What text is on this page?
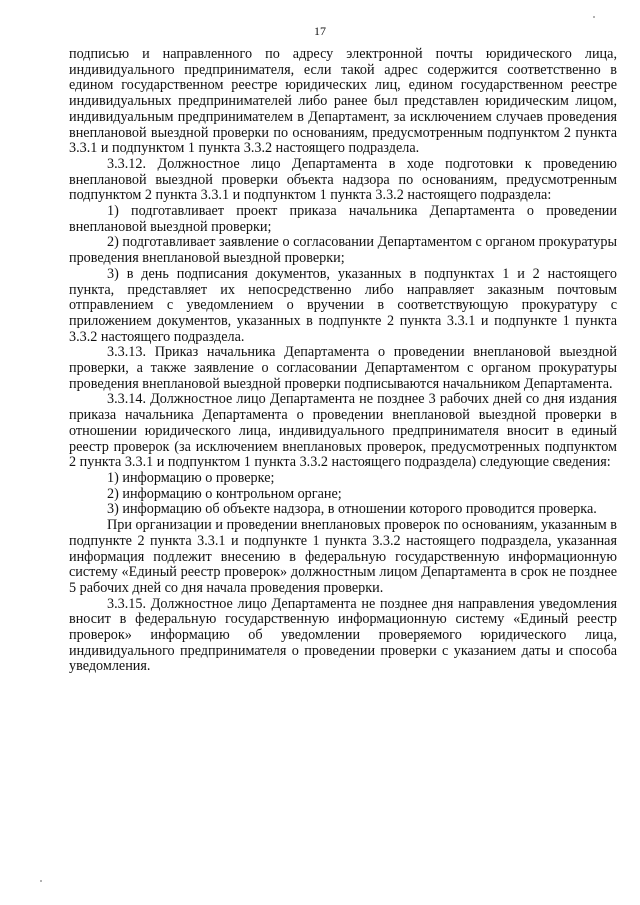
17

подписью и направленного по адресу электронной почты юридического лица, индивидуального предпринимателя, если такой адрес содержится соответственно в едином государственном реестре юридических лиц, едином государственном реестре индивидуальных предпринимателей либо ранее был представлен юридическим лицом, индивидуальным предпринимателем в Департамент, за исключением случаев проведения внеплановой выездной проверки по основаниям, предусмотренным подпунктом 2 пункта 3.3.1 и подпунктом 1 пункта 3.3.2 настоящего подраздела.

3.3.12. Должностное лицо Департамента в ходе подготовки к проведению внеплановой выездной проверки объекта надзора по основаниям, предусмотренным подпунктом 2 пункта 3.3.1 и подпунктом 1 пункта 3.3.2 настоящего подраздела:

1) подготавливает проект приказа начальника Департамента о проведении внеплановой выездной проверки;

2) подготавливает заявление о согласовании Департаментом с органом прокуратуры проведения внеплановой выездной проверки;

3) в день подписания документов, указанных в подпунктах 1 и 2 настоящего пункта, представляет их непосредственно либо направляет заказным почтовым отправлением с уведомлением о вручении в соответствующую прокуратуру с приложением документов, указанных в подпункте 2 пункта 3.3.1 и подпункте 1 пункта 3.3.2 настоящего подраздела.

3.3.13. Приказ начальника Департамента о проведении внеплановой выездной проверки, а также заявление о согласовании Департаментом с органом прокуратуры проведения внеплановой выездной проверки подписываются начальником Департамента.

3.3.14. Должностное лицо Департамента не позднее 3 рабочих дней со дня издания приказа начальника Департамента о проведении внеплановой выездной проверки в отношении юридического лица, индивидуального предпринимателя вносит в единый реестр проверок (за исключением внеплановых проверок, предусмотренных подпунктом 2 пункта 3.3.1 и подпунктом 1 пункта 3.3.2 настоящего подраздела) следующие сведения:

1) информацию о проверке;

2) информацию о контрольном органе;

3) информацию об объекте надзора, в отношении которого проводится проверка.

При организации и проведении внеплановых проверок по основаниям, указанным в подпункте 2 пункта 3.3.1 и подпункте 1 пункта 3.3.2 настоящего подраздела, указанная информация подлежит внесению в федеральную государственную информационную систему «Единый реестр проверок» должностным лицом Департамента в срок не позднее 5 рабочих дней со дня начала проведения проверки.

3.3.15. Должностное лицо Департамента не позднее дня направления уведомления вносит в федеральную государственную информационную систему «Единый реестр проверок» информацию об уведомлении проверяемого юридического лица, индивидуального предпринимателя о проведении проверки с указанием даты и способа уведомления.
